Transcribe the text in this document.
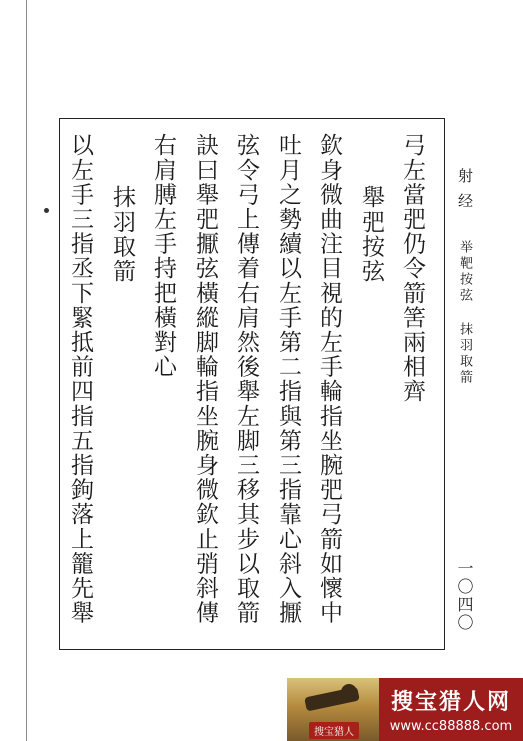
弓左當弝仍令箭筈兩相齊
舉弝按弦
欽身微曲注目視的左手輪指坐腕弝弓箭如懷中
吐月之勢續以左手第二指與第三指靠心斜入擫
弦令弓上傳着右肩然後舉左脚三移其步以取箭
訣曰舉弝擫弦橫縱脚輪指坐腕身微欽止弰斜傳
右肩膊左手持把橫對心
抹羽取箭
以左手三指丞下緊抵前四指五指鉤落上籠先舉	射经
举靶按弦 抹羽取箭
一〇四〇
搜宝猎人
搜宝猎人网
www.cc88888.com
